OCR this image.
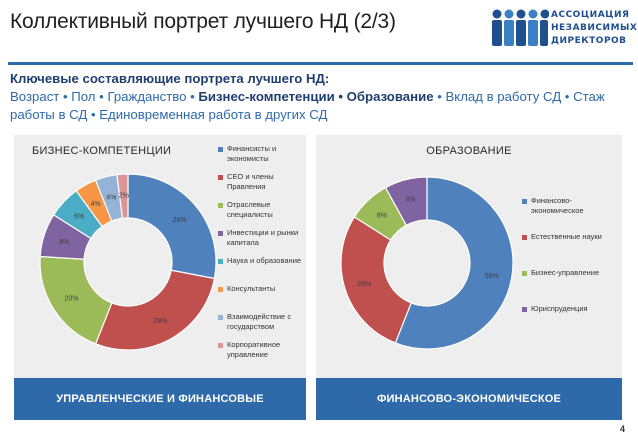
Коллективный портрет лучшего НД (2/3)	АССОЦИАЦИЯ
НЕЗАВИСИМЫХ
ДИРЕКТОРОВ
Ключевые составляющие портрета лучшего НД:
Возраст • Пол • Гражданство • Бизнес-компетенции • Образование • Вклад в работу СД • Стаж работы в СД • Единовременная работа в других СД
БИЗНЕС-КОМПЕТЕНЦИИ
28%
28%
20%
8%
6%
4%
4% 2%
Финансисты и экономисты
CEO и члены Правления
Отраслевые специалисты
Инвестиции и рынки капитала
Наука и образование
Консультанты
Взаимодействие с государством
Корпоративное управление
ОБРАЗОВАНИЕ
56%
28%
8%
8%	Финансово-экономическое
Естественные науки
Бизнес-управление
Юриспруденция
УПРАВЛЕНЧЕСКИЕ И ФИНАНСОВЫЕ	ФИНАНСОВО-ЭКОНОМИЧЕСКОЕ
4
